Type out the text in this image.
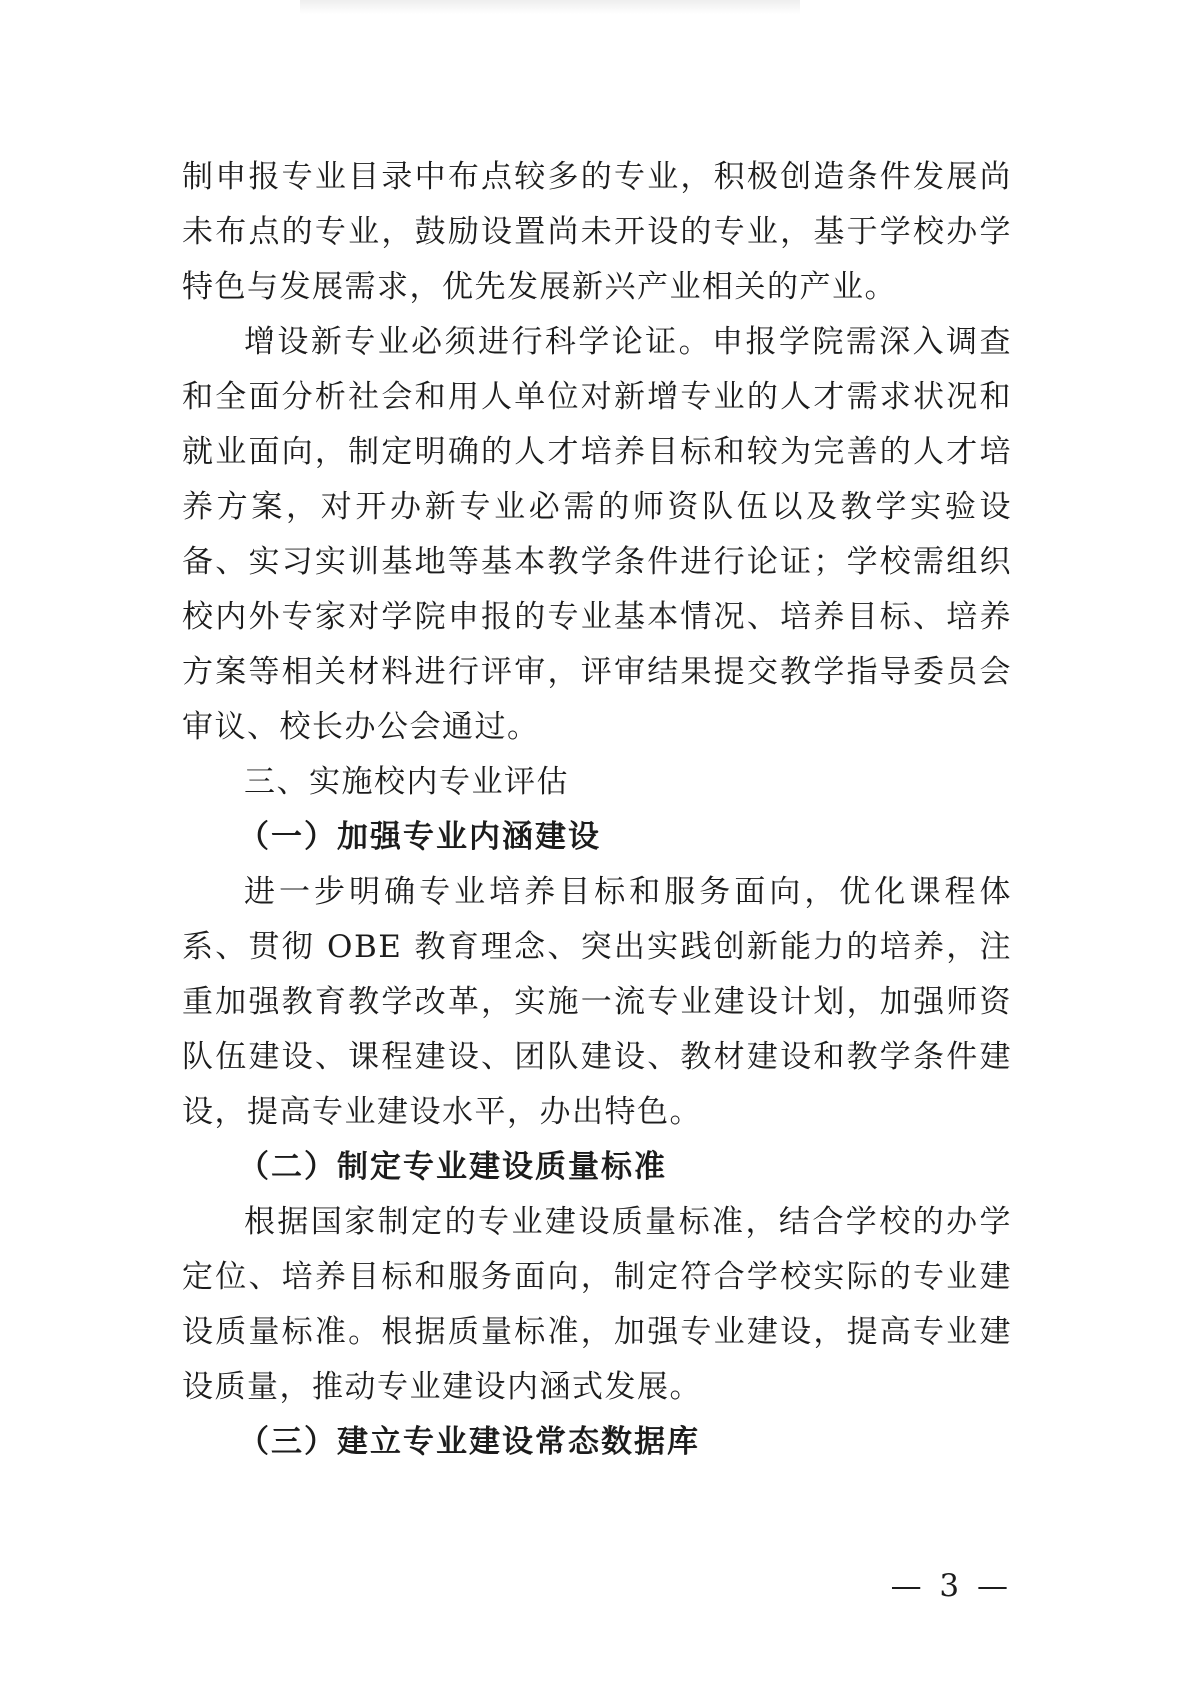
制申报专业目录中布点较多的专业，积极创造条件发展尚未布点的专业，鼓励设置尚未开设的专业，基于学校办学特色与发展需求，优先发展新兴产业相关的产业。

增设新专业必须进行科学论证。申报学院需深入调查和全面分析社会和用人单位对新增专业的人才需求状况和就业面向，制定明确的人才培养目标和较为完善的人才培养方案，对开办新专业必需的师资队伍以及教学实验设备、实习实训基地等基本教学条件进行论证；学校需组织校内外专家对学院申报的专业基本情况、培养目标、培养方案等相关材料进行评审，评审结果提交教学指导委员会审议、校长办公会通过。

三、实施校内专业评估

（一）加强专业内涵建设

进一步明确专业培养目标和服务面向，优化课程体系、贯彻 OBE 教育理念、突出实践创新能力的培养，注重加强教育教学改革，实施一流专业建设计划，加强师资队伍建设、课程建设、团队建设、教材建设和教学条件建设，提高专业建设水平，办出特色。

（二）制定专业建设质量标准

根据国家制定的专业建设质量标准，结合学校的办学定位、培养目标和服务面向，制定符合学校实际的专业建设质量标准。根据质量标准，加强专业建设，提高专业建设质量，推动专业建设内涵式发展。

（三）建立专业建设常态数据库

— 3 —
